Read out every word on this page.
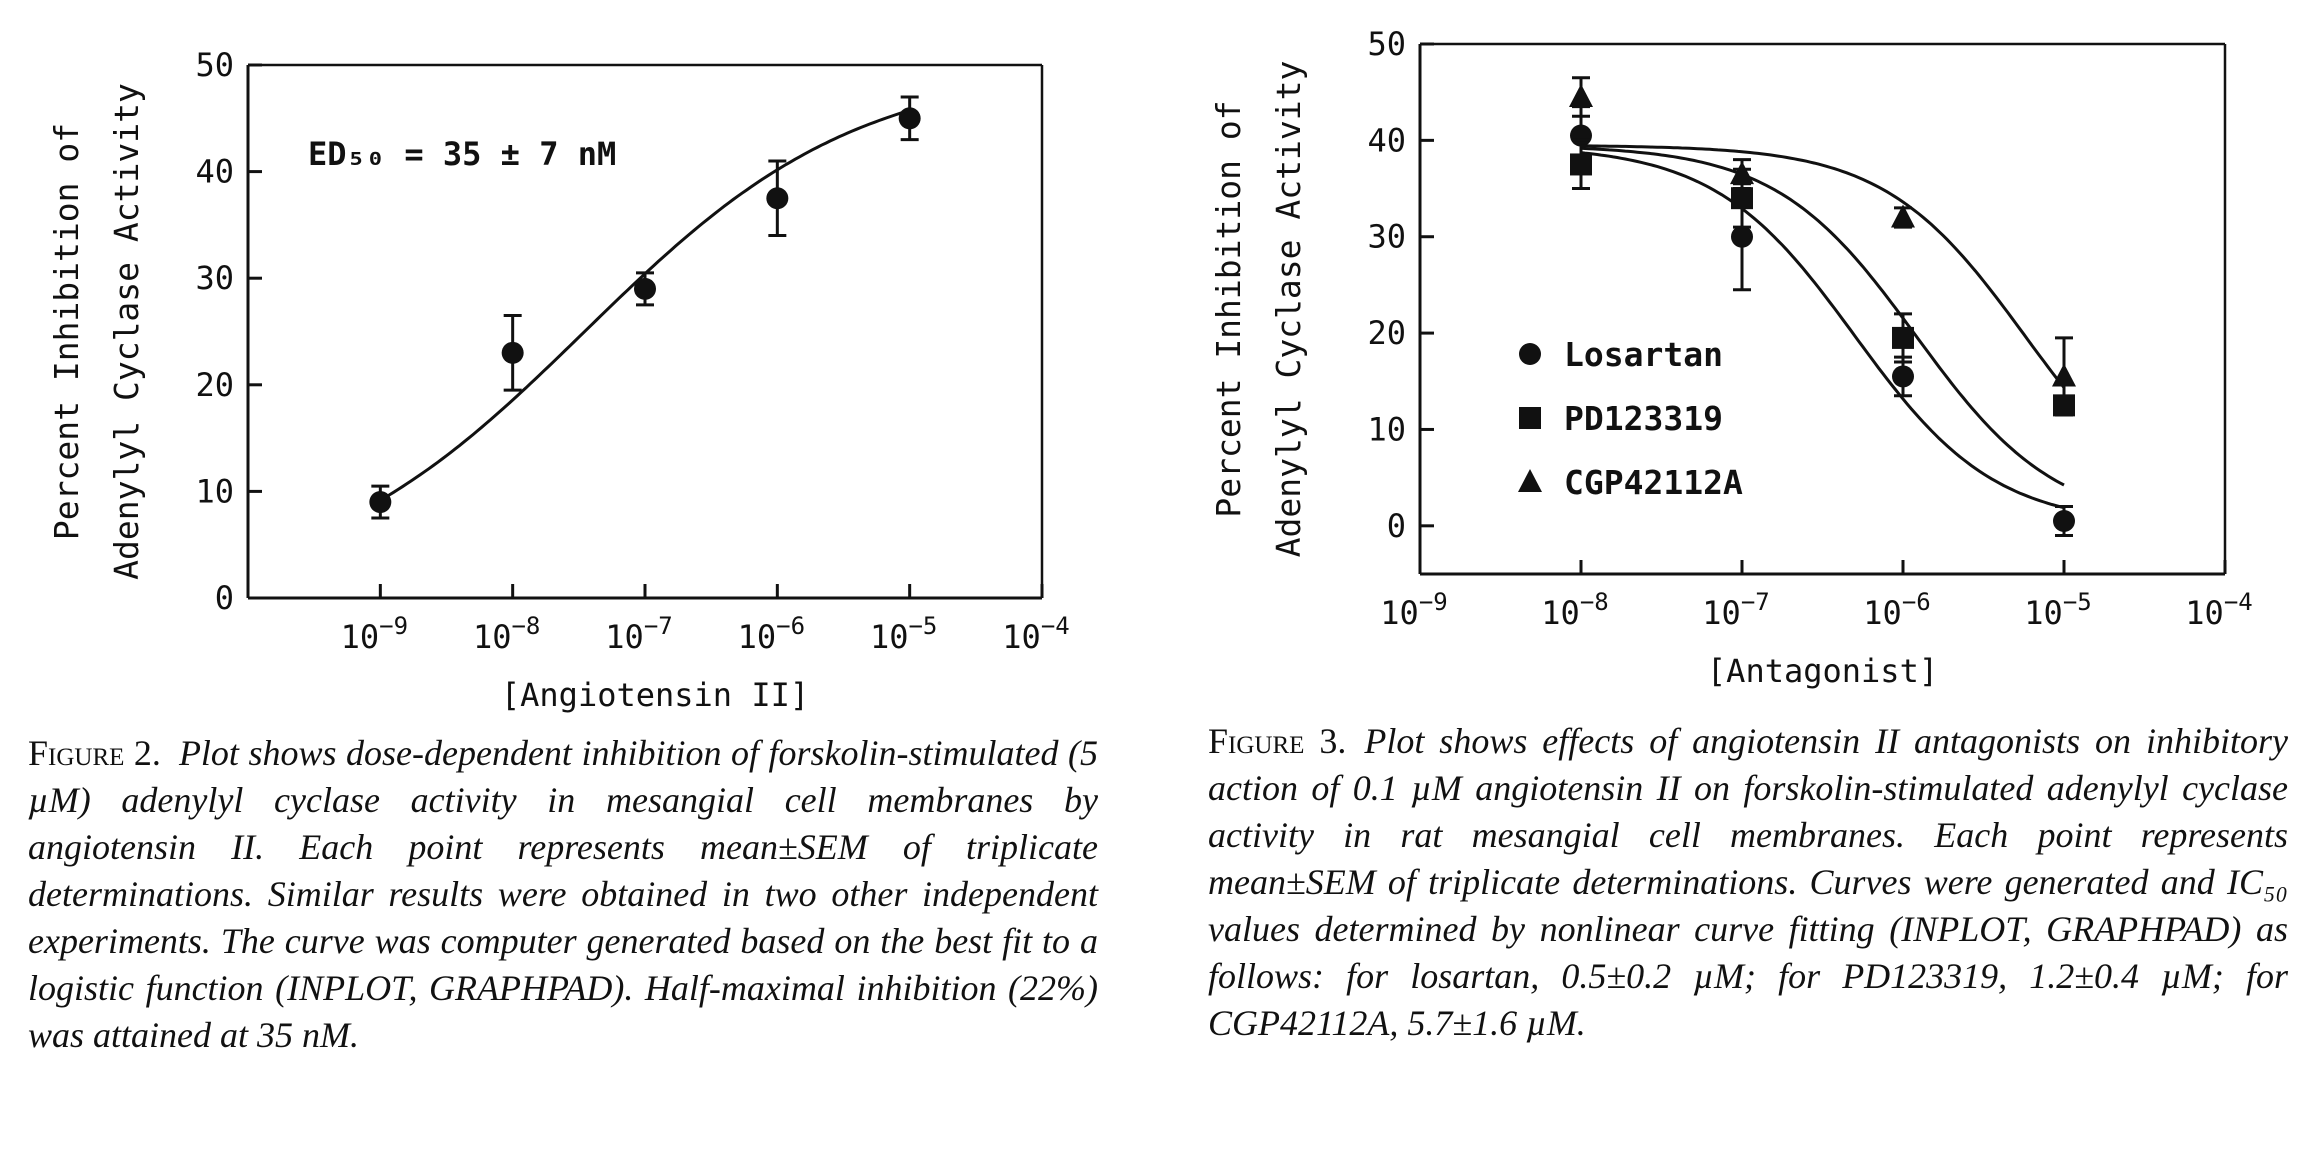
0
10
20
30
40
50
$10^{-9}$ $10^{-8}$ $10^{-7}$ $10^{-6}$ $10^{-5}$ $10^{-4}$
[Angiotensin II]
Percent Inhibition of Adenylyl Cyclase Activity	ED₅₀ = 35 ± 7 nM
0
10
20
30
40
50
$10^{-9}$	$10^{-8}$	$10^{-7}$	$10^{-6}$	$10^{-5}$	$10^{-4}$
[Antagonist]
Percent Inhibition of Adenylyl Cyclase Activity	Losartan
PD123319
CGP42112A
Figure 2. Plot shows dose-dependent inhibition of forskolin-stimulated (5 µM) adenylyl cyclase activity in mesangial cell membranes by angiotensin II. Each point represents mean±SEM of triplicate determinations. Similar results were obtained in two other independent experiments. The curve was computer generated based on the best fit to a logistic function (INPLOT, GRAPHPAD). Half-maximal inhibition (22%) was attained at 35 nM.
Figure 3. Plot shows effects of angiotensin II antagonists on inhibitory action of 0.1 µM angiotensin II on forskolin-stimulated adenylyl cyclase activity in rat mesangial cell membranes. Each point represents mean±SEM of triplicate determinations. Curves were generated and IC₅₀ values determined by nonlinear curve fitting (INPLOT, GRAPHPAD) as follows: for losartan, 0.5±0.2 µM; for PD123319, 1.2±0.4 µM; for CGP42112A, 5.7±1.6 µM.
